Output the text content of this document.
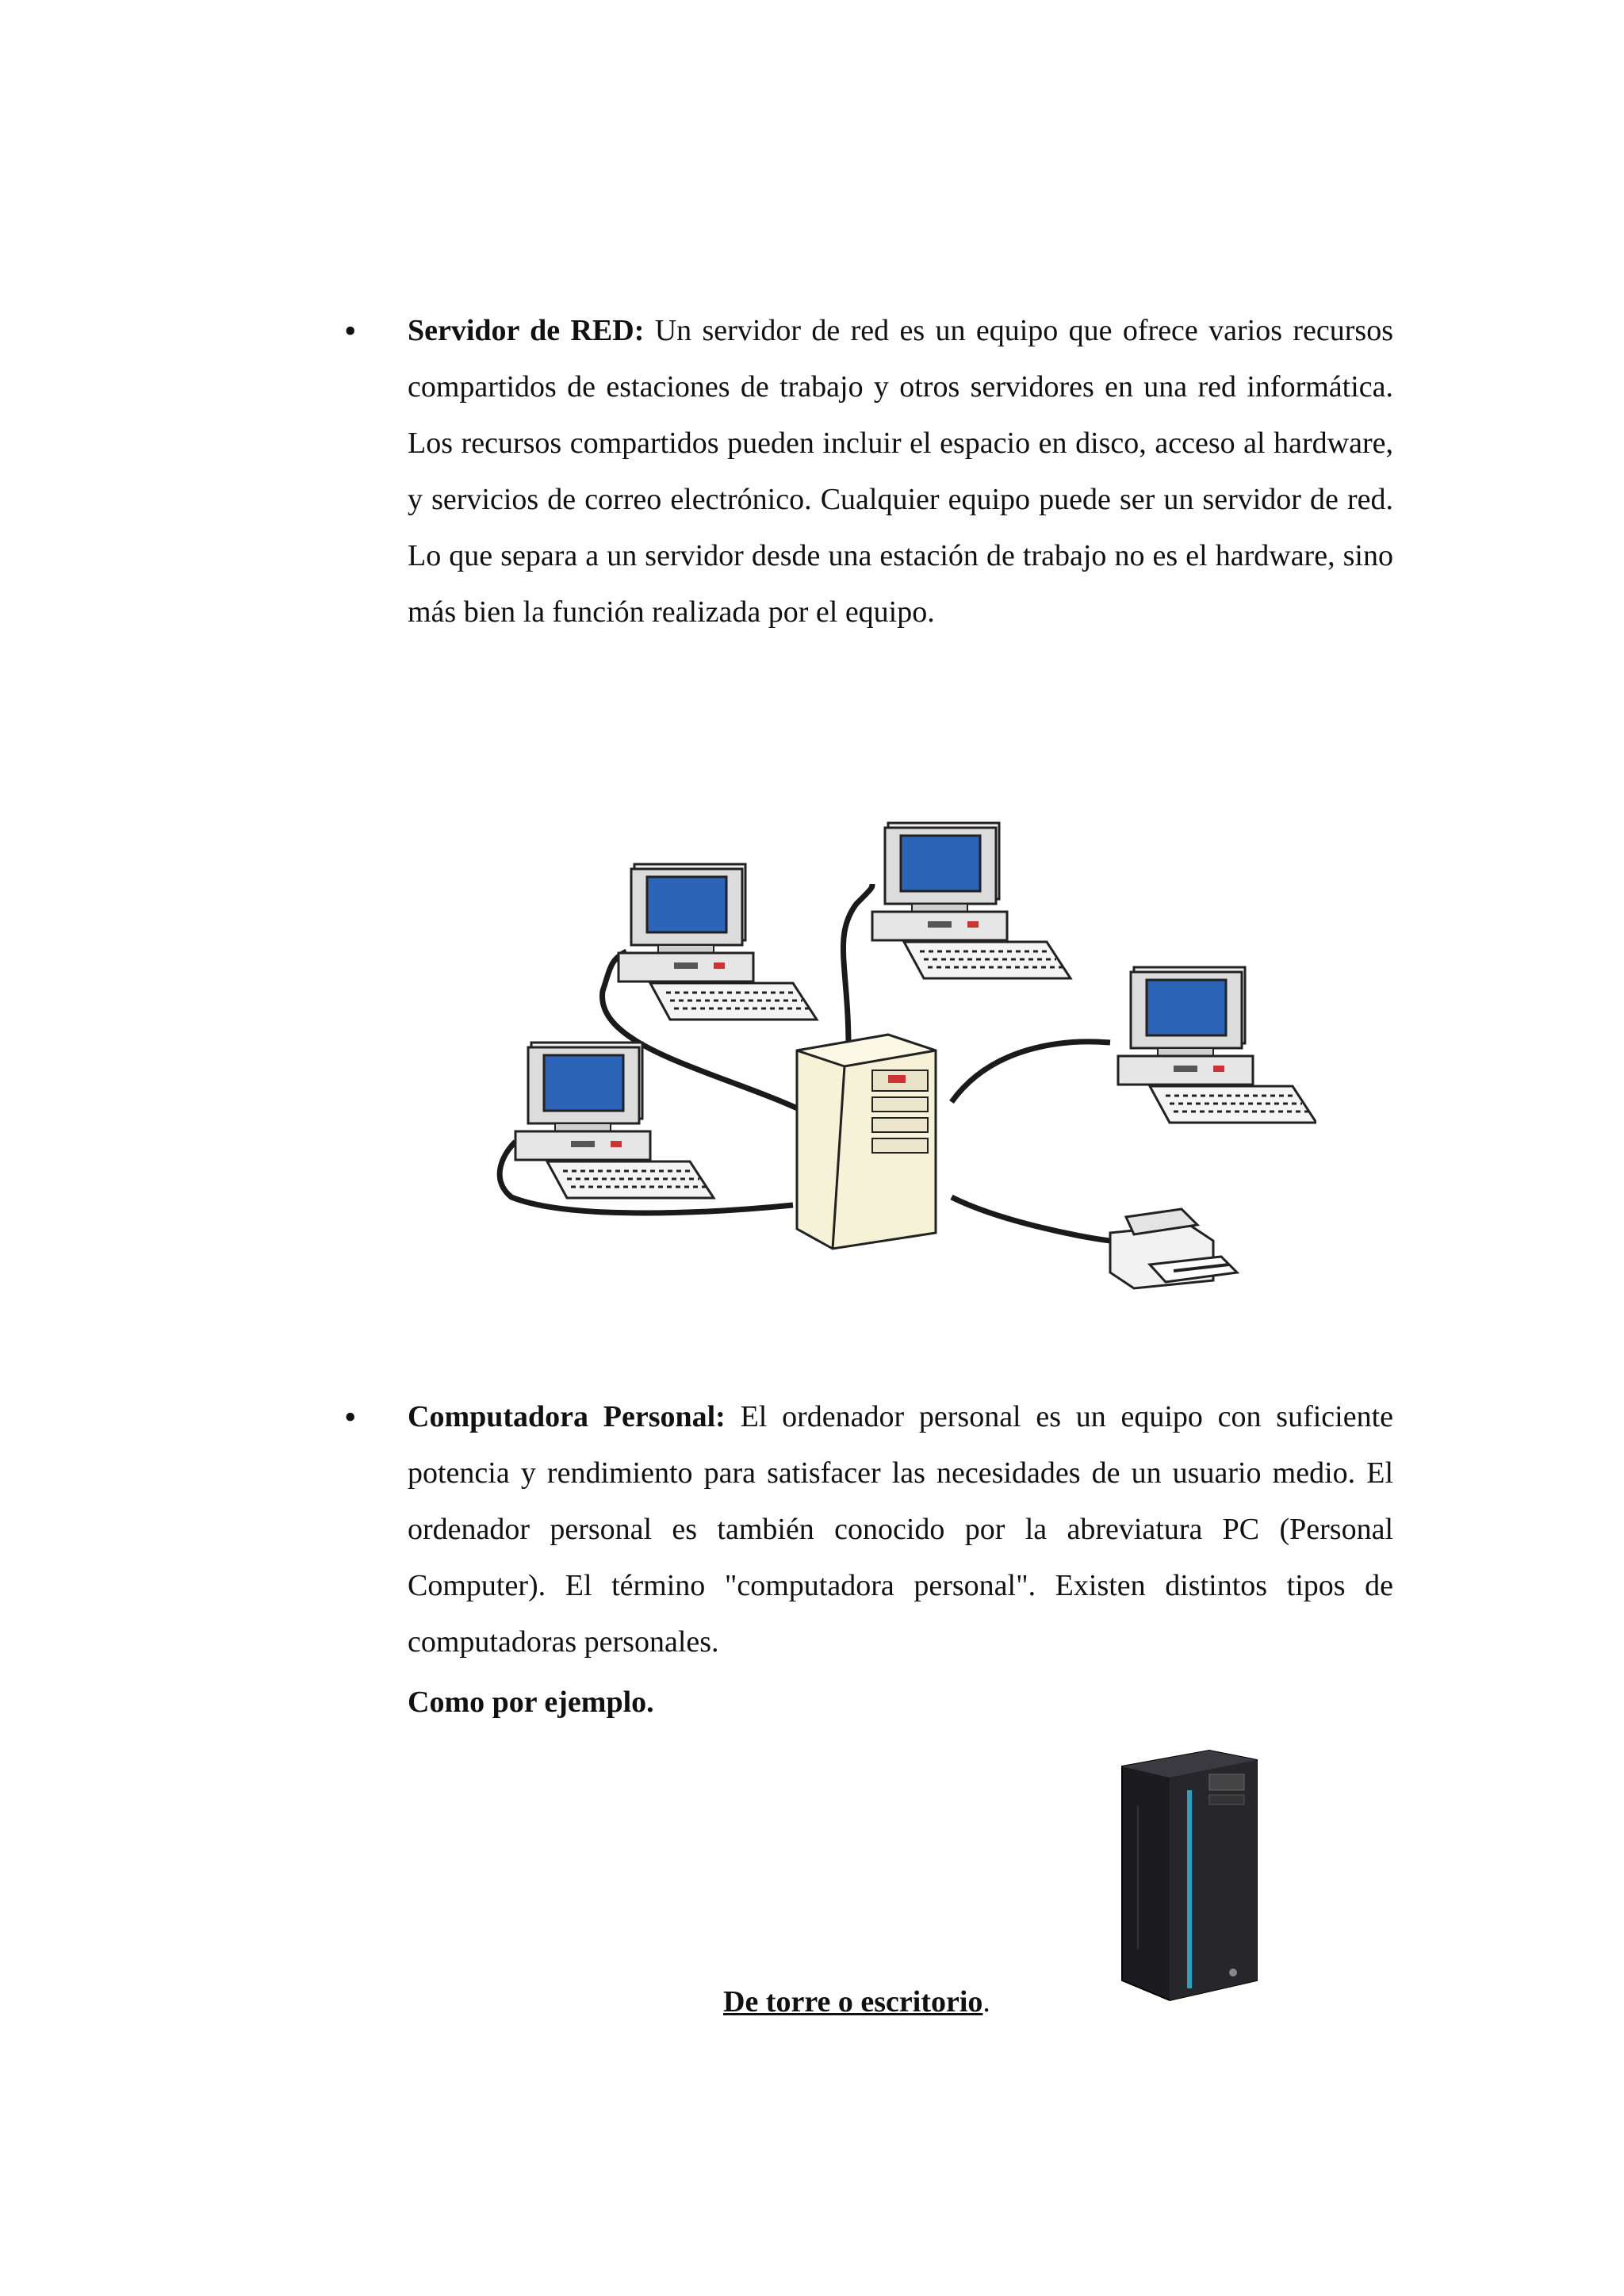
• Servidor de RED: Un servidor de red es un equipo que ofrece varios recursos compartidos de estaciones de trabajo y otros servidores en una red informática. Los recursos compartidos pueden incluir el espacio en disco, acceso al hardware, y servicios de correo electrónico. Cualquier equipo puede ser un servidor de red. Lo que separa a un servidor desde una estación de trabajo no es el hardware, sino más bien la función realizada por el equipo.

• Computadora Personal: El ordenador personal es un equipo con suficiente potencia y rendimiento para satisfacer las necesidades de un usuario medio. El ordenador personal es también conocido por la abreviatura PC (Personal Computer). El término "computadora personal". Existen distintos tipos de computadoras personales.

Como por ejemplo.

De torre o escritorio.
